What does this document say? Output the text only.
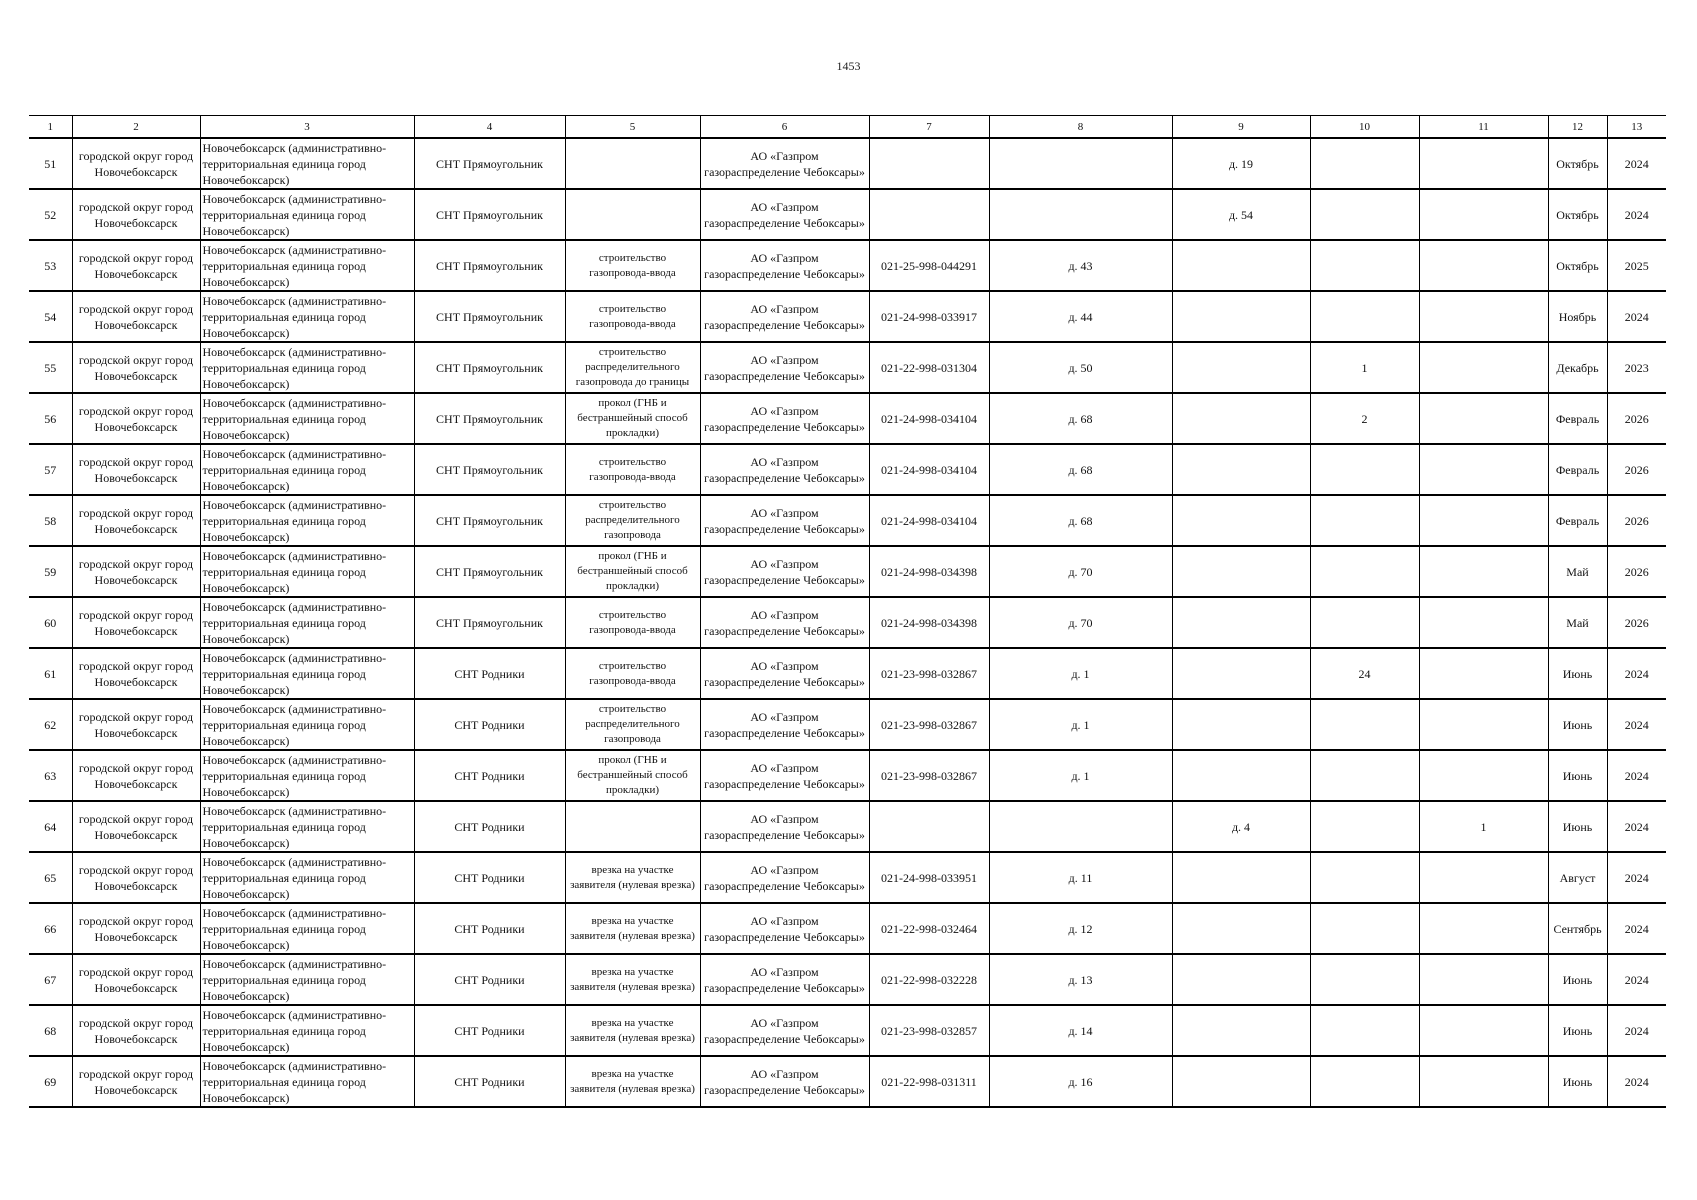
1453
1	2	3	4	5	6	7	8	9	10	11	12	13
51	городской округ город Новочебоксарск	Новочебоксарск (административно-территориальная единица город Новочебоксарск)	СНТ Прямоугольник		АО «Газпром газораспределение Чебоксары»			д. 19			Октябрь	2024
52	городской округ город Новочебоксарск	Новочебоксарск (административно-территориальная единица город Новочебоксарск)	СНТ Прямоугольник		АО «Газпром газораспределение Чебоксары»			д. 54			Октябрь	2024
53	городской округ город Новочебоксарск	Новочебоксарск (административно-территориальная единица город Новочебоксарск)	СНТ Прямоугольник	строительство газопровода-ввода	АО «Газпром газораспределение Чебоксары»	021-25-998-044291	д. 43				Октябрь	2025
54	городской округ город Новочебоксарск	Новочебоксарск (административно-территориальная единица город Новочебоксарск)	СНТ Прямоугольник	строительство газопровода-ввода	АО «Газпром газораспределение Чебоксары»	021-24-998-033917	д. 44				Ноябрь	2024
55	городской округ город Новочебоксарск	Новочебоксарск (административно-территориальная единица город Новочебоксарск)	СНТ Прямоугольник	строительство распределительного газопровода до границы	АО «Газпром газораспределение Чебоксары»	021-22-998-031304	д. 50		1		Декабрь	2023
56	городской округ город Новочебоксарск	Новочебоксарск (административно-территориальная единица город Новочебоксарск)	СНТ Прямоугольник	прокол (ГНБ и бестраншейный способ прокладки)	АО «Газпром газораспределение Чебоксары»	021-24-998-034104	д. 68		2		Февраль	2026
57	городской округ город Новочебоксарск	Новочебоксарск (административно-территориальная единица город Новочебоксарск)	СНТ Прямоугольник	строительство газопровода-ввода	АО «Газпром газораспределение Чебоксары»	021-24-998-034104	д. 68				Февраль	2026
58	городской округ город Новочебоксарск	Новочебоксарск (административно-территориальная единица город Новочебоксарск)	СНТ Прямоугольник	строительство распределительного газопровода	АО «Газпром газораспределение Чебоксары»	021-24-998-034104	д. 68				Февраль	2026
59	городской округ город Новочебоксарск	Новочебоксарск (административно-территориальная единица город Новочебоксарск)	СНТ Прямоугольник	прокол (ГНБ и бестраншейный способ прокладки)	АО «Газпром газораспределение Чебоксары»	021-24-998-034398	д. 70				Май	2026
60	городской округ город Новочебоксарск	Новочебоксарск (административно-территориальная единица город Новочебоксарск)	СНТ Прямоугольник	строительство газопровода-ввода	АО «Газпром газораспределение Чебоксары»	021-24-998-034398	д. 70				Май	2026
61	городской округ город Новочебоксарск	Новочебоксарск (административно-территориальная единица город Новочебоксарск)	СНТ Родники	строительство газопровода-ввода	АО «Газпром газораспределение Чебоксары»	021-23-998-032867	д. 1		24		Июнь	2024
62	городской округ город Новочебоксарск	Новочебоксарск (административно-территориальная единица город Новочебоксарск)	СНТ Родники	строительство распределительного газопровода	АО «Газпром газораспределение Чебоксары»	021-23-998-032867	д. 1				Июнь	2024
63	городской округ город Новочебоксарск	Новочебоксарск (административно-территориальная единица город Новочебоксарск)	СНТ Родники	прокол (ГНБ и бестраншейный способ прокладки)	АО «Газпром газораспределение Чебоксары»	021-23-998-032867	д. 1				Июнь	2024
64	городской округ город Новочебоксарск	Новочебоксарск (административно-территориальная единица город Новочебоксарск)	СНТ Родники		АО «Газпром газораспределение Чебоксары»			д. 4		1	Июнь	2024
65	городской округ город Новочебоксарск	Новочебоксарск (административно-территориальная единица город Новочебоксарск)	СНТ Родники	врезка на участке заявителя (нулевая врезка)	АО «Газпром газораспределение Чебоксары»	021-24-998-033951	д. 11				Август	2024
66	городской округ город Новочебоксарск	Новочебоксарск (административно-территориальная единица город Новочебоксарск)	СНТ Родники	врезка на участке заявителя (нулевая врезка)	АО «Газпром газораспределение Чебоксары»	021-22-998-032464	д. 12				Сентябрь	2024
67	городской округ город Новочебоксарск	Новочебоксарск (административно-территориальная единица город Новочебоксарск)	СНТ Родники	врезка на участке заявителя (нулевая врезка)	АО «Газпром газораспределение Чебоксары»	021-22-998-032228	д. 13				Июнь	2024
68	городской округ город Новочебоксарск	Новочебоксарск (административно-территориальная единица город Новочебоксарск)	СНТ Родники	врезка на участке заявителя (нулевая врезка)	АО «Газпром газораспределение Чебоксары»	021-23-998-032857	д. 14				Июнь	2024
69	городской округ город Новочебоксарск	Новочебоксарск (административно-территориальная единица город Новочебоксарск)	СНТ Родники	врезка на участке заявителя (нулевая врезка)	АО «Газпром газораспределение Чебоксары»	021-22-998-031311	д. 16				Июнь	2024
